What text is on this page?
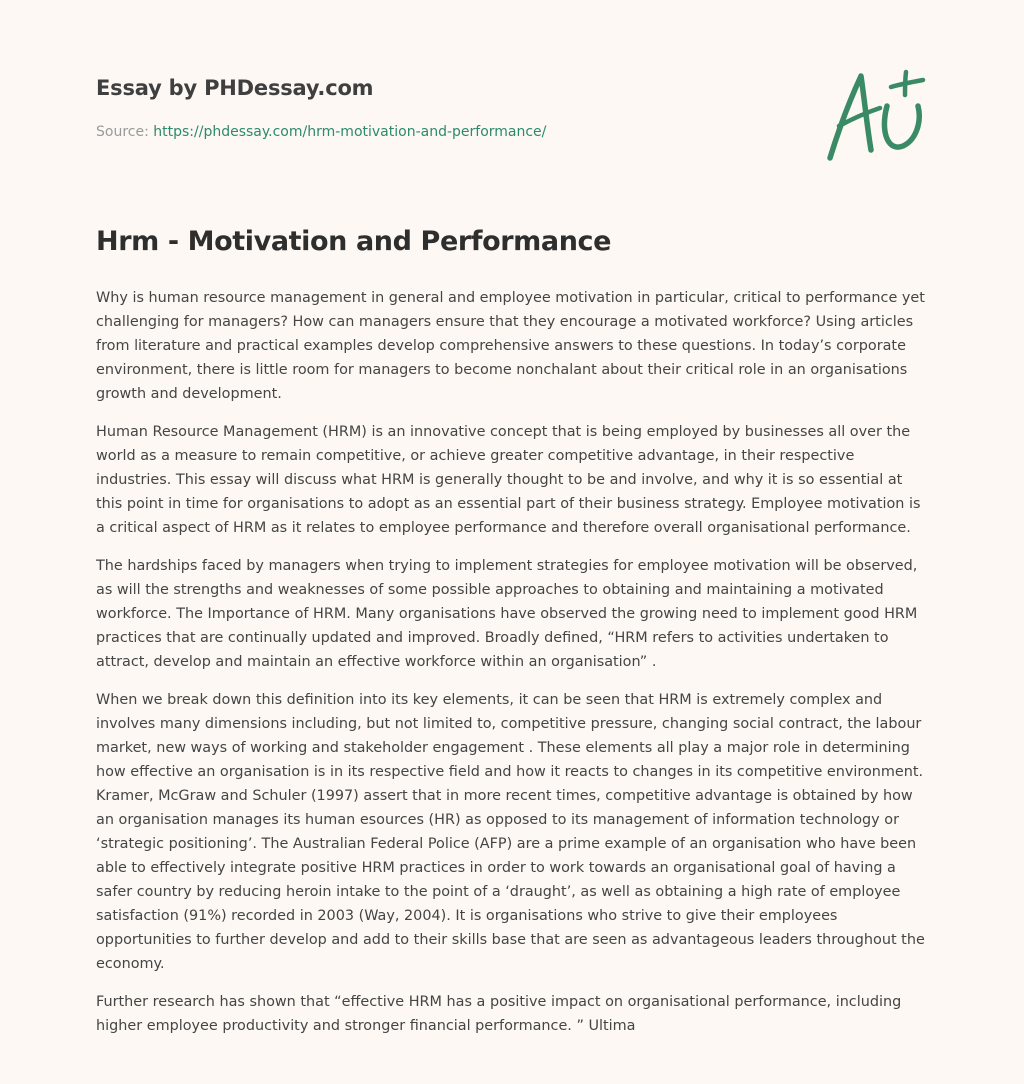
Essay by PHDessay.com
Source: https://phdessay.com/hrm-motivation-and-performance/
Hrm - Motivation and Performance

Why is human resource management in general and employee motivation in particular, critical to performance yet challenging for managers? How can managers ensure that they encourage a motivated workforce? Using articles from literature and practical examples develop comprehensive answers to these questions. In today’s corporate environment, there is little room for managers to become nonchalant about their critical role in an organisations growth and development.

Human Resource Management (HRM) is an innovative concept that is being employed by businesses all over the world as a measure to remain competitive, or achieve greater competitive advantage, in their respective industries. This essay will discuss what HRM is generally thought to be and involve, and why it is so essential at this point in time for organisations to adopt as an essential part of their business strategy. Employee motivation is a critical aspect of HRM as it relates to employee performance and therefore overall organisational performance.

The hardships faced by managers when trying to implement strategies for employee motivation will be observed, as will the strengths and weaknesses of some possible approaches to obtaining and maintaining a motivated workforce. The Importance of HRM. Many organisations have observed the growing need to implement good HRM practices that are continually updated and improved. Broadly defined, “HRM refers to activities undertaken to attract, develop and maintain an effective workforce within an organisation” .

When we break down this definition into its key elements, it can be seen that HRM is extremely complex and involves many dimensions including, but not limited to, competitive pressure, changing social contract, the labour market, new ways of working and stakeholder engagement . These elements all play a major role in determining how effective an organisation is in its respective field and how it reacts to changes in its competitive environment. Kramer, McGraw and Schuler (1997) assert that in more recent times, competitive advantage is obtained by how an organisation manages its human esources (HR) as opposed to its management of information technology or ‘strategic positioning’. The Australian Federal Police (AFP) are a prime example of an organisation who have been able to effectively integrate positive HRM practices in order to work towards an organisational goal of having a safer country by reducing heroin intake to the point of a ‘draught’, as well as obtaining a high rate of employee satisfaction (91%) recorded in 2003 (Way, 2004). It is organisations who strive to give their employees opportunities to further develop and add to their skills base that are seen as advantageous leaders throughout the economy.

Further research has shown that “effective HRM has a positive impact on organisational performance, including higher employee productivity and stronger financial performance. ” Ultima
